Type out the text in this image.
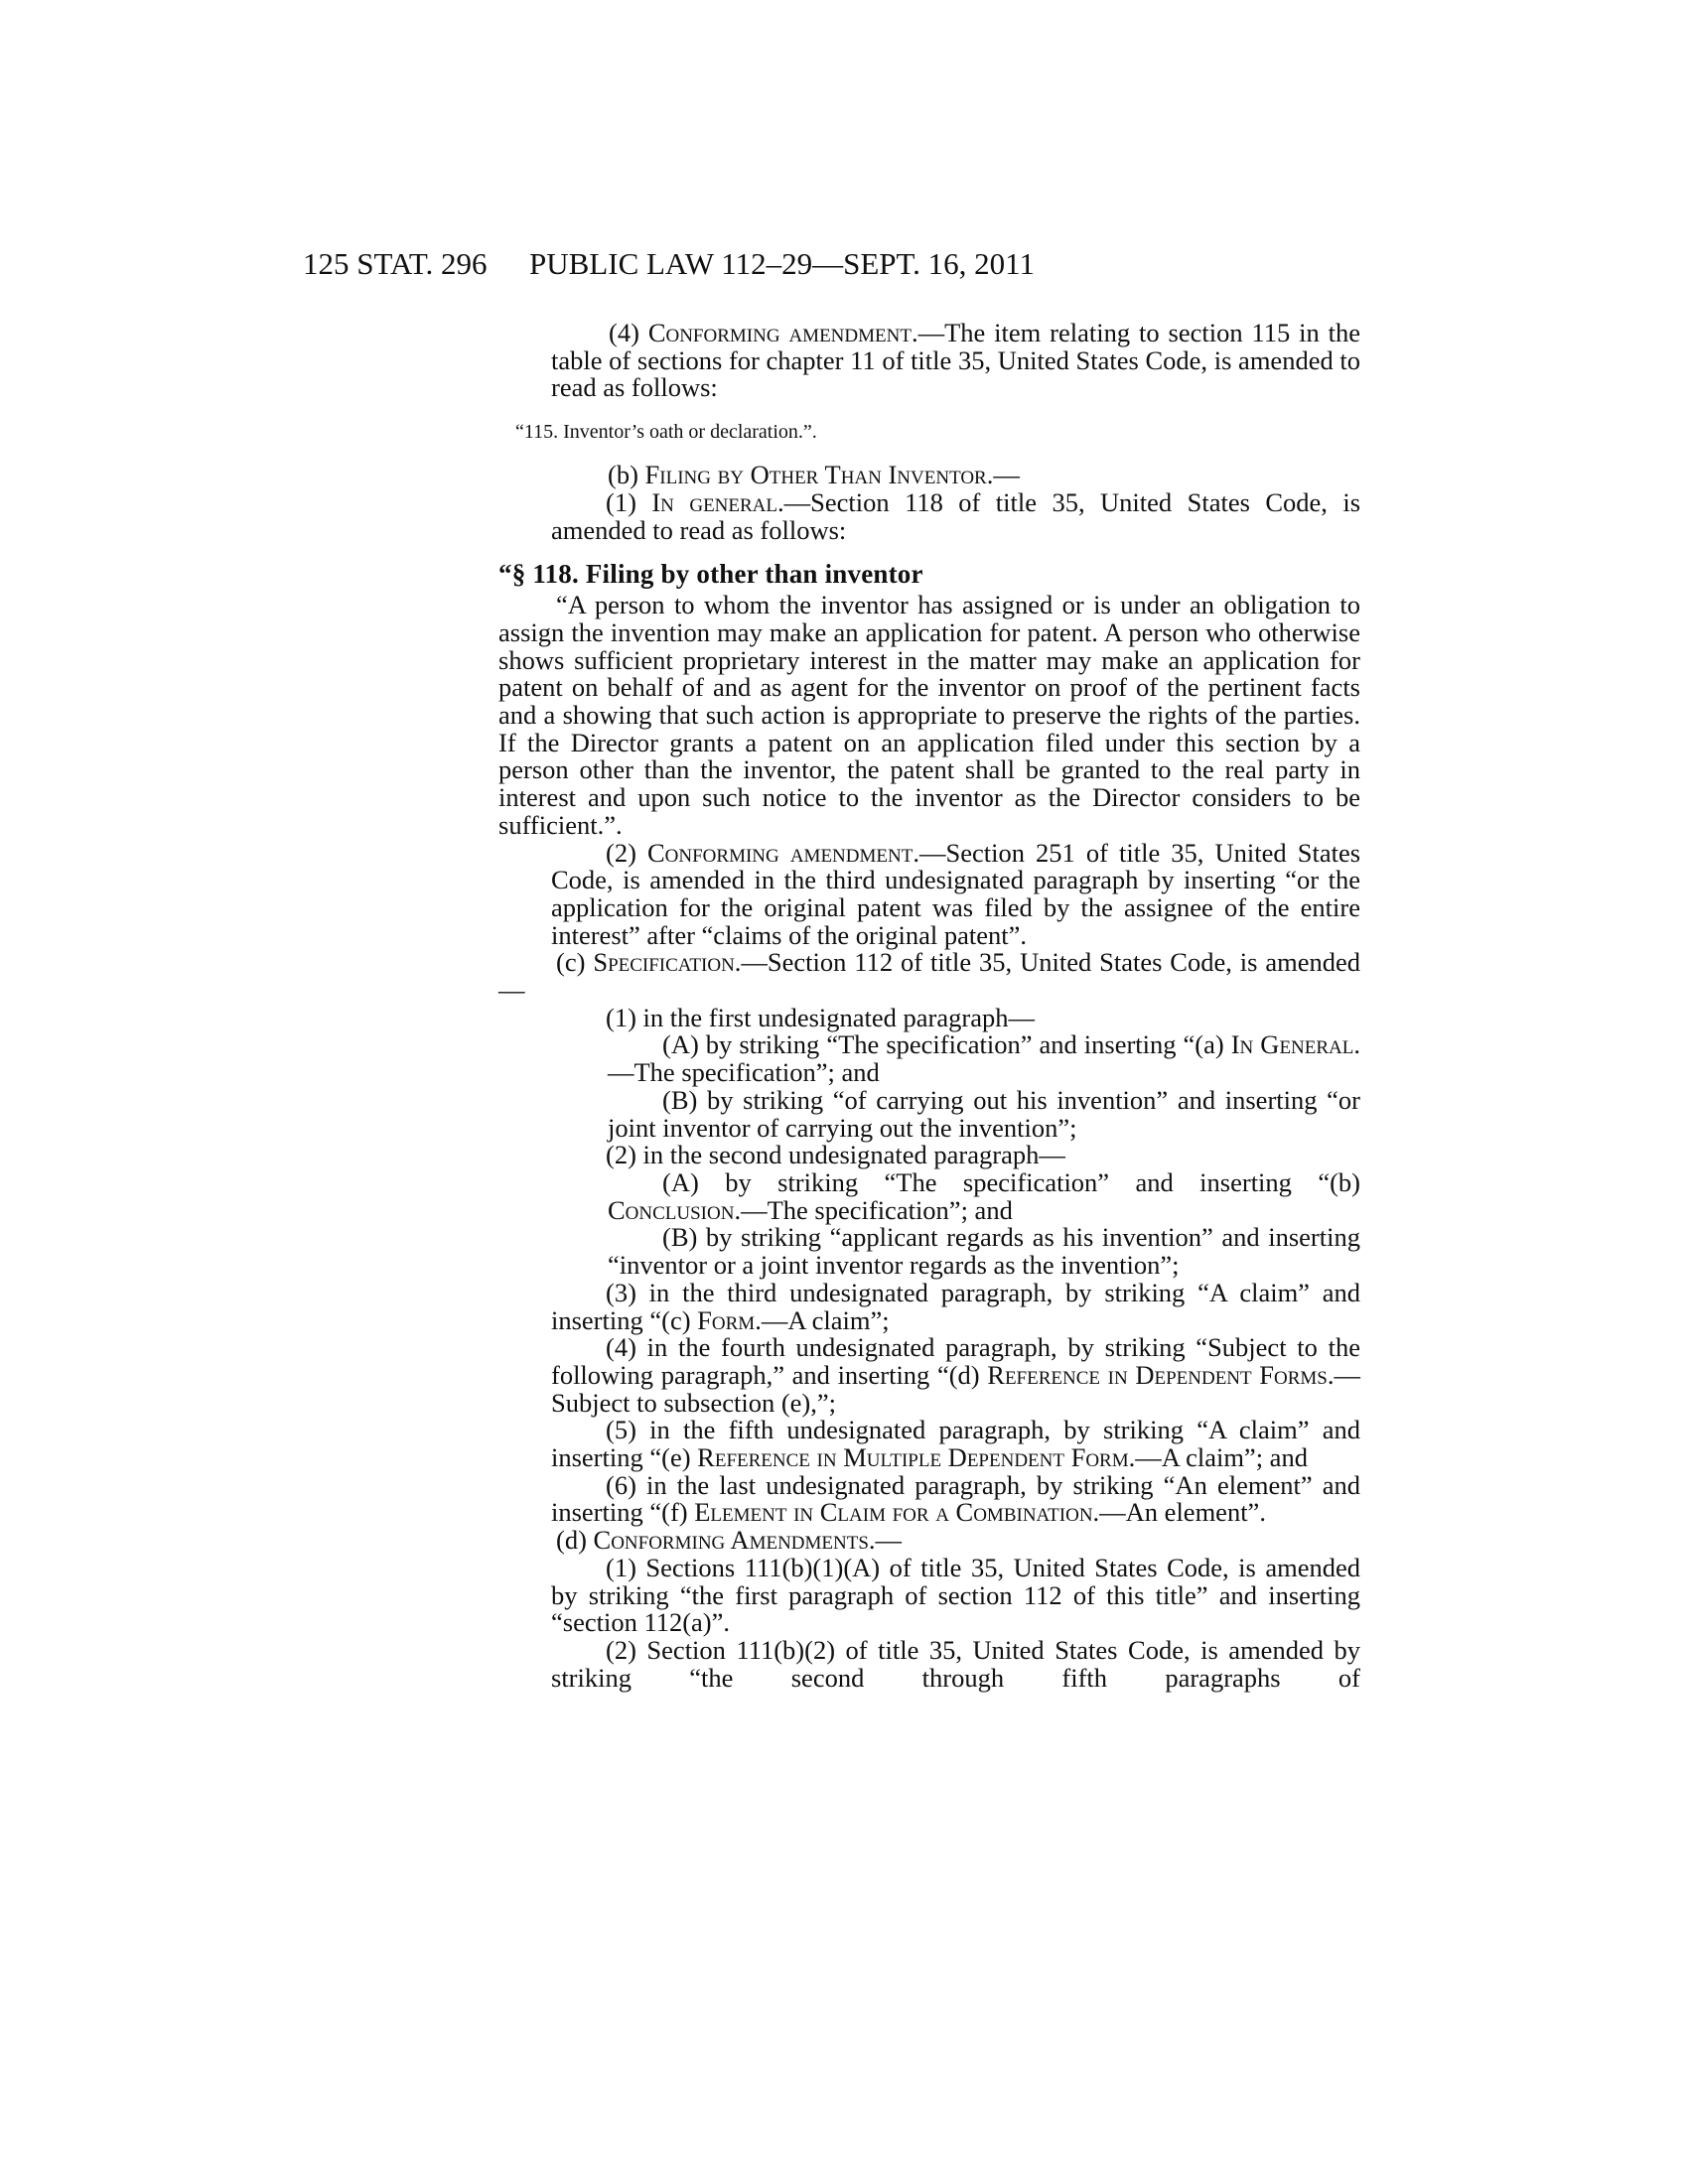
125 STAT. 296 PUBLIC LAW 112–29—SEPT. 16, 2011

(4) Conforming amendment.—The item relating to section 115 in the table of sections for chapter 11 of title 35, United States Code, is amended to read as follows:

“115. Inventor’s oath or declaration.”.

(b) Filing by Other Than Inventor.—

(1) In general.—Section 118 of title 35, United States Code, is amended to read as follows:

“§ 118. Filing by other than inventor

“A person to whom the inventor has assigned or is under an obligation to assign the invention may make an application for patent. A person who otherwise shows sufficient proprietary interest in the matter may make an application for patent on behalf of and as agent for the inventor on proof of the pertinent facts and a showing that such action is appropriate to preserve the rights of the parties. If the Director grants a patent on an application filed under this section by a person other than the inventor, the patent shall be granted to the real party in interest and upon such notice to the inventor as the Director considers to be sufficient.”.

(2) Conforming amendment.—Section 251 of title 35, United States Code, is amended in the third undesignated paragraph by inserting “or the application for the original patent was filed by the assignee of the entire interest” after “claims of the original patent”.

(c) Specification.—Section 112 of title 35, United States Code, is amended—

(1) in the first undesignated paragraph—

(A) by striking “The specification” and inserting “(a) In General.—The specification”; and

(B) by striking “of carrying out his invention” and inserting “or joint inventor of carrying out the invention”;

(2) in the second undesignated paragraph—

(A) by striking “The specification” and inserting “(b) Conclusion.—The specification”; and

(B) by striking “applicant regards as his invention” and inserting “inventor or a joint inventor regards as the invention”;

(3) in the third undesignated paragraph, by striking “A claim” and inserting “(c) Form.—A claim”;

(4) in the fourth undesignated paragraph, by striking “Subject to the following paragraph,” and inserting “(d) Reference in Dependent Forms.—Subject to subsection (e),”;

(5) in the fifth undesignated paragraph, by striking “A claim” and inserting “(e) Reference in Multiple Dependent Form.—A claim”; and

(6) in the last undesignated paragraph, by striking “An element” and inserting “(f) Element in Claim for a Combination.—An element”.

(d) Conforming Amendments.—

(1) Sections 111(b)(1)(A) of title 35, United States Code, is amended by striking “the first paragraph of section 112 of this title” and inserting “section 112(a)”.

(2) Section 111(b)(2) of title 35, United States Code, is amended by striking “the second through fifth paragraphs of
